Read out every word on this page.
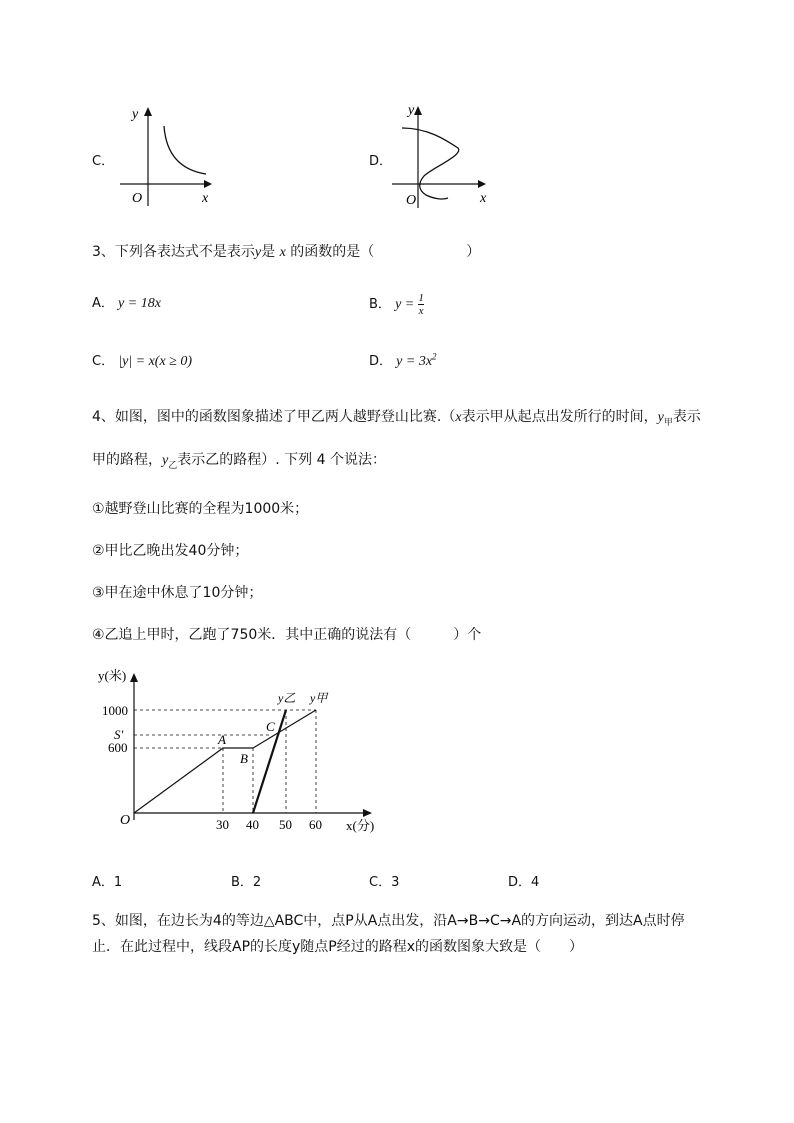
C．
y
x
O
D．
y
x
O
3、下列各表达式不是表示y是 x 的函数的是（	）
A． y = 18x	B． $y = \frac{1}{x}$
C． |y| = x(x ≥ 0)	D． $y = 3x^2$
4、如图，图中的函数图象描述了甲乙两人越野登山比赛.（x表示甲从起点出发所行的时间，$y_甲$表示
甲的路程，$y_乙$表示乙的路程）. 下列 4 个说法：
①越野登山比赛的全程为1000米；
②甲比乙晚出发40分钟；
③甲在途中休息了10分钟；
④乙追上甲时，乙跑了750米．其中正确的说法有（　　　）个
y(米)
x(分)
O
1000
S'
600
30 40 50 60
A
B
C
y乙 y甲
A．1	B．2	C．3	D．4
5、如图，在边长为4的等边△ABC中，点P从A点出发，沿A→B→C→A的方向运动，到达A点时停
止．在此过程中，线段AP的长度y随点P经过的路程x的函数图象大致是（　　）
